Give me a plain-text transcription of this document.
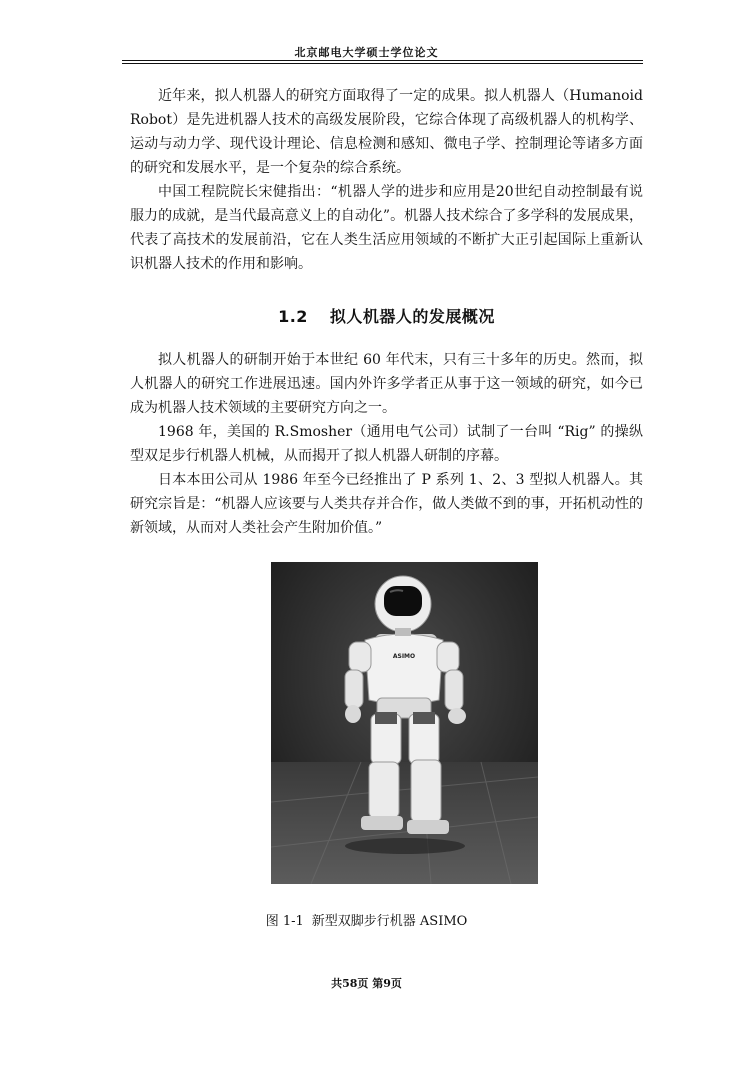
北京邮电大学硕士学位论文

近年来，拟人机器人的研究方面取得了一定的成果。拟人机器人（Humanoid Robot）是先进机器人技术的高级发展阶段，它综合体现了高级机器人的机构学、运动与动力学、现代设计理论、信息检测和感知、微电子学、控制理论等诸多方面的研究和发展水平，是一个复杂的综合系统。

中国工程院院长宋健指出：“机器人学的进步和应用是20世纪自动控制最有说服力的成就，是当代最高意义上的自动化”。机器人技术综合了多学科的发展成果，代表了高技术的发展前沿，它在人类生活应用领域的不断扩大正引起国际上重新认识机器人技术的作用和影响。

1.2 拟人机器人的发展概况

拟人机器人的研制开始于本世纪 60 年代末，只有三十多年的历史。然而，拟人机器人的研究工作进展迅速。国内外许多学者正从事于这一领域的研究，如今已成为机器人技术领域的主要研究方向之一。

1968 年，美国的 R.Smosher（通用电气公司）试制了一台叫 “Rig” 的操纵型双足步行机器人机械，从而揭开了拟人机器人研制的序幕。

日本本田公司从 1986 年至今已经推出了 P 系列 1、2、3 型拟人机器人。其研究宗旨是：“机器人应该要与人类共存并合作，做人类做不到的事，开拓机动性的新领域，从而对人类社会产生附加价值。”

ASIMO
图 1-1 新型双脚步行机器 ASIMO
共58页 第9页
